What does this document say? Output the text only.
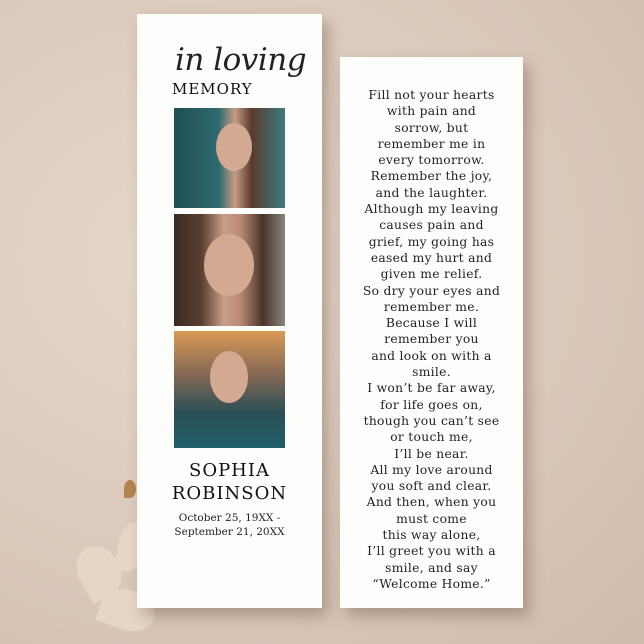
in loving
MEMORY
SOPHIA
ROBINSON
October 25, 19XX -
September 21, 20XX
Fill not your hearts
with pain and
sorrow, but
remember me in
every tomorrow.
Remember the joy,
and the laughter.
Although my leaving
causes pain and
grief, my going has
eased my hurt and
given me relief.
So dry your eyes and
remember me.
Because I will
remember you
and look on with a
smile.
I won’t be far away,
for life goes on,
though you can’t see
or touch me,
I’ll be near.
All my love around
you soft and clear.
And then, when you
must come
this way alone,
I’ll greet you with a
smile, and say
“Welcome Home.”
